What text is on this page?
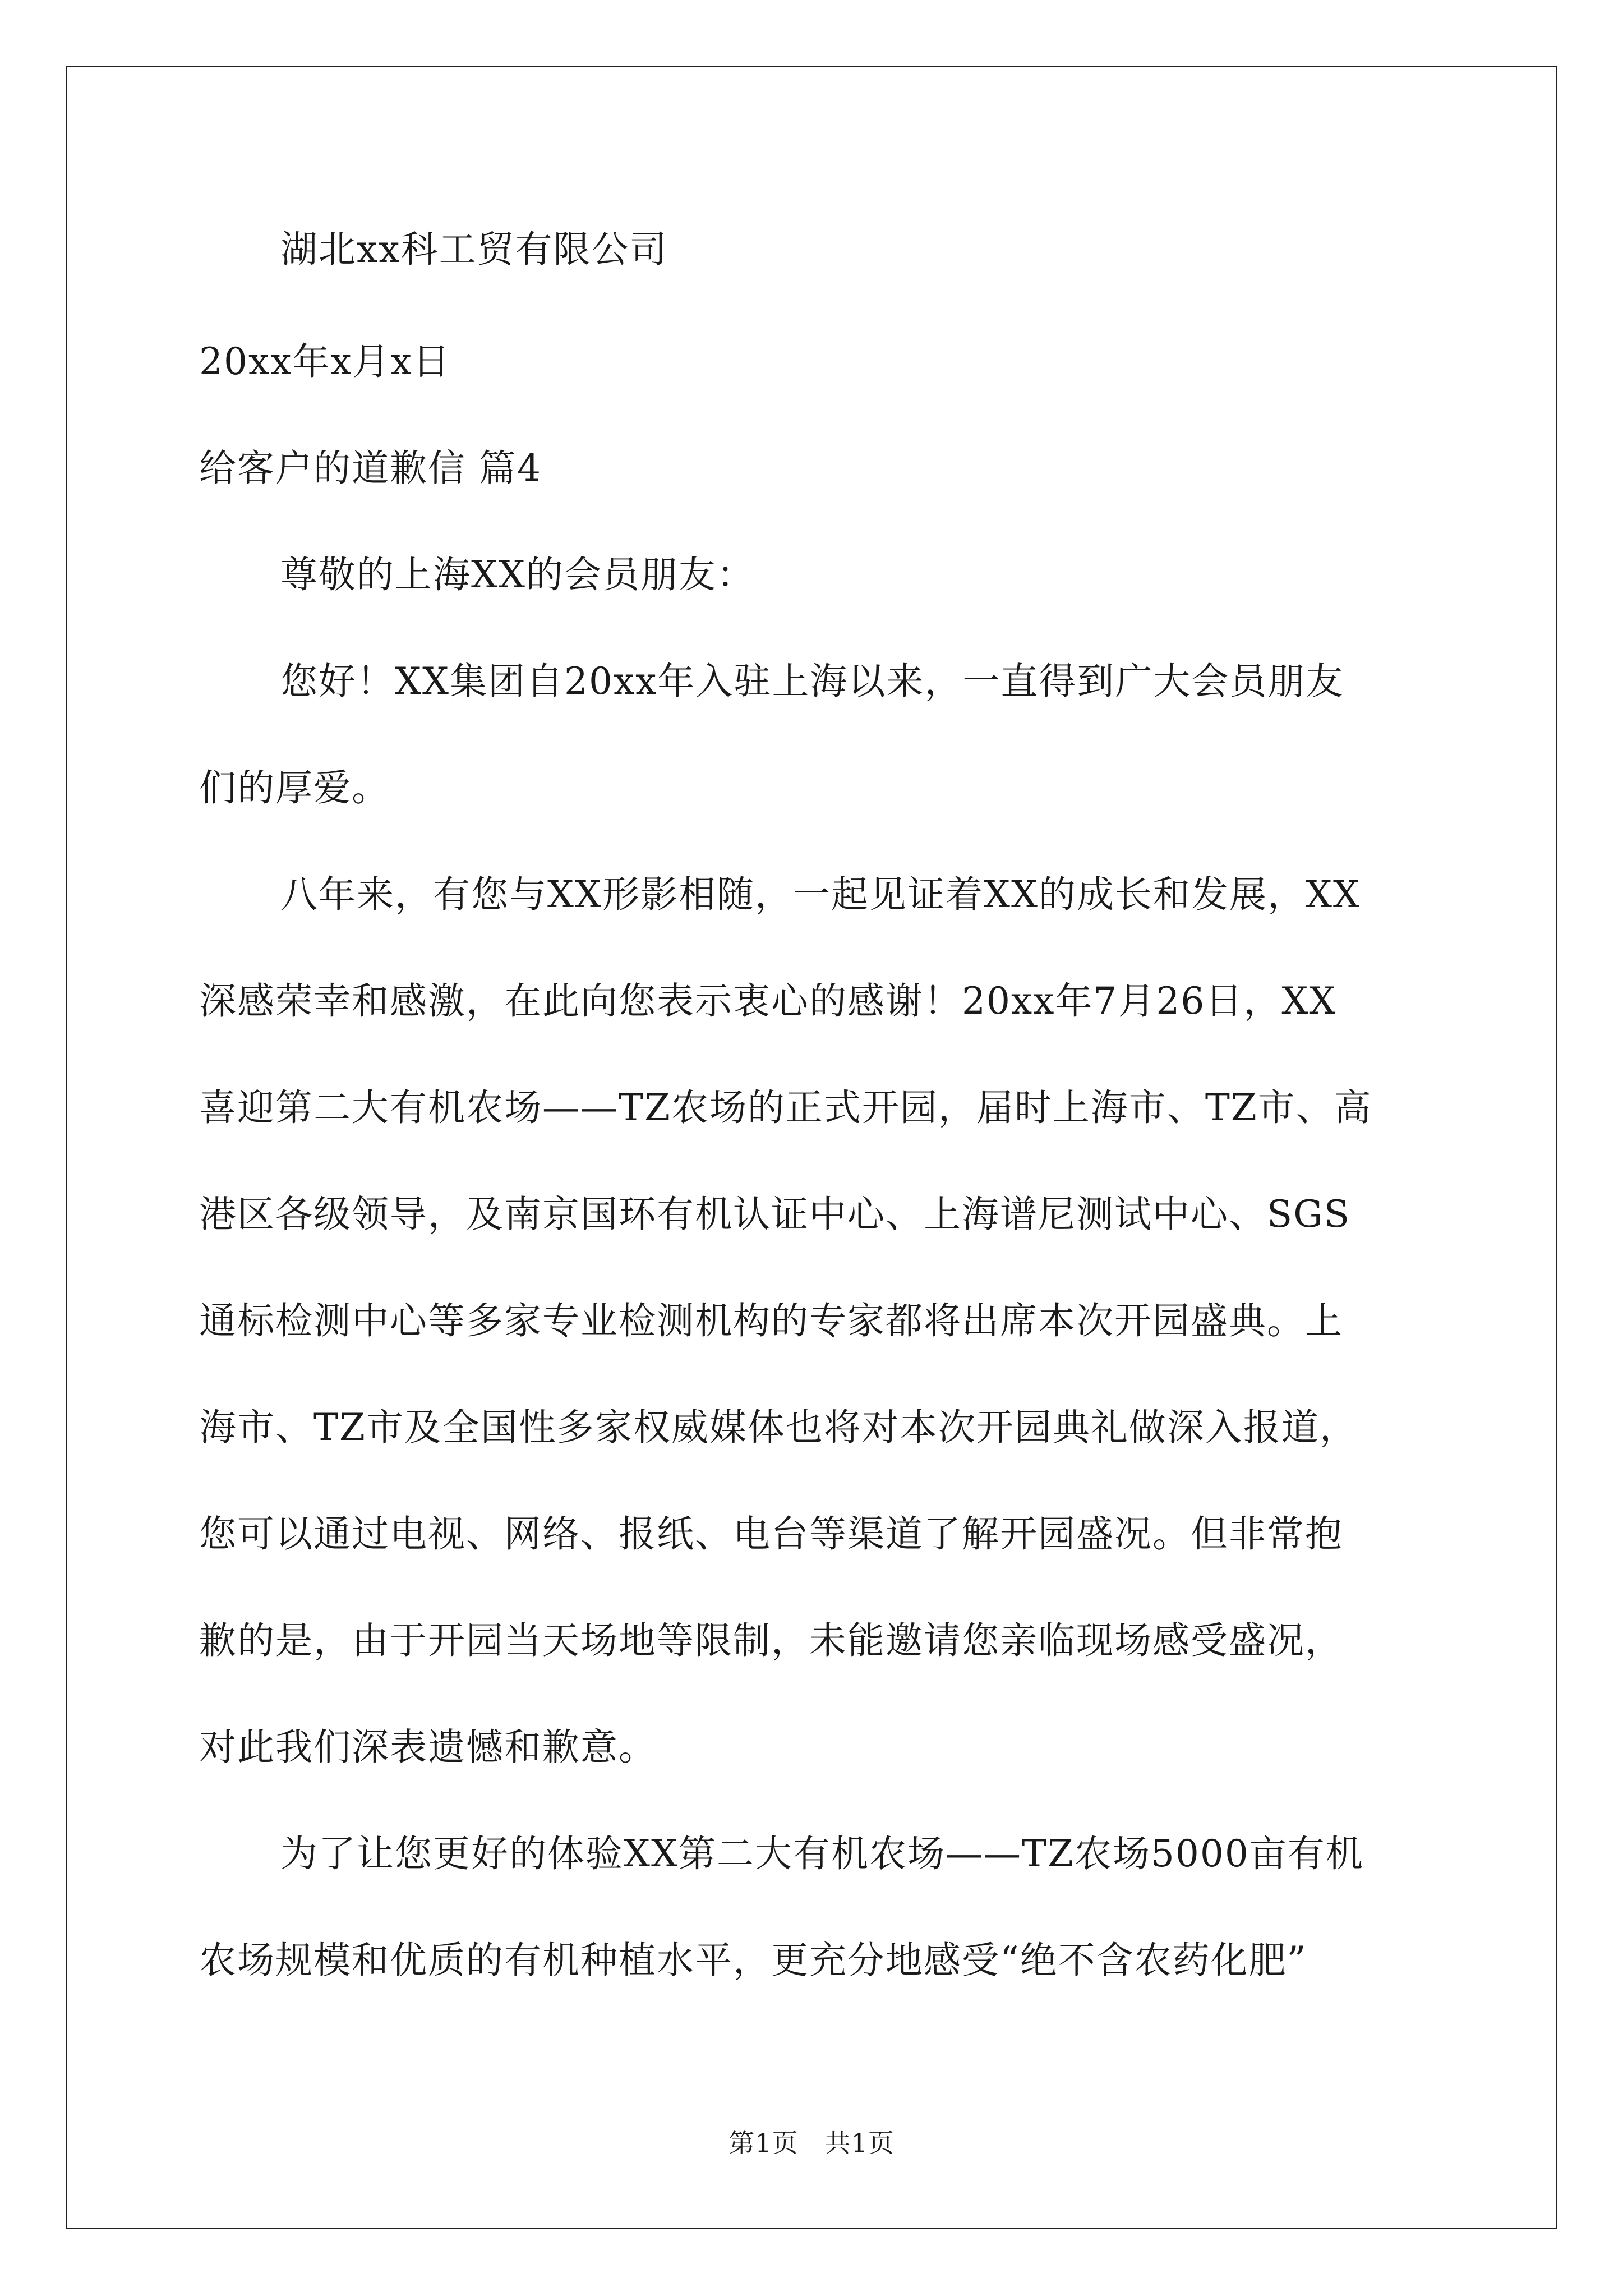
湖北xx科工贸有限公司
20xx年x月x日
给客户的道歉信 篇4
尊敬的上海XX的会员朋友：
您好！XX集团自20xx年入驻上海以来，一直得到广大会员朋友
们的厚爱。
八年来，有您与XX形影相随，一起见证着XX的成长和发展，XX
深感荣幸和感激，在此向您表示衷心的感谢！20xx年7月26日，XX
喜迎第二大有机农场——TZ农场的正式开园，届时上海市、TZ市、高
港区各级领导，及南京国环有机认证中心、上海谱尼测试中心、SGS
通标检测中心等多家专业检测机构的专家都将出席本次开园盛典。上
海市、TZ市及全国性多家权威媒体也将对本次开园典礼做深入报道，
您可以通过电视、网络、报纸、电台等渠道了解开园盛况。但非常抱
歉的是，由于开园当天场地等限制，未能邀请您亲临现场感受盛况，
对此我们深表遗憾和歉意。
为了让您更好的体验XX第二大有机农场——TZ农场5000亩有机
农场规模和优质的有机种植水平，更充分地感受“绝不含农药化肥”
第1页　共1页
